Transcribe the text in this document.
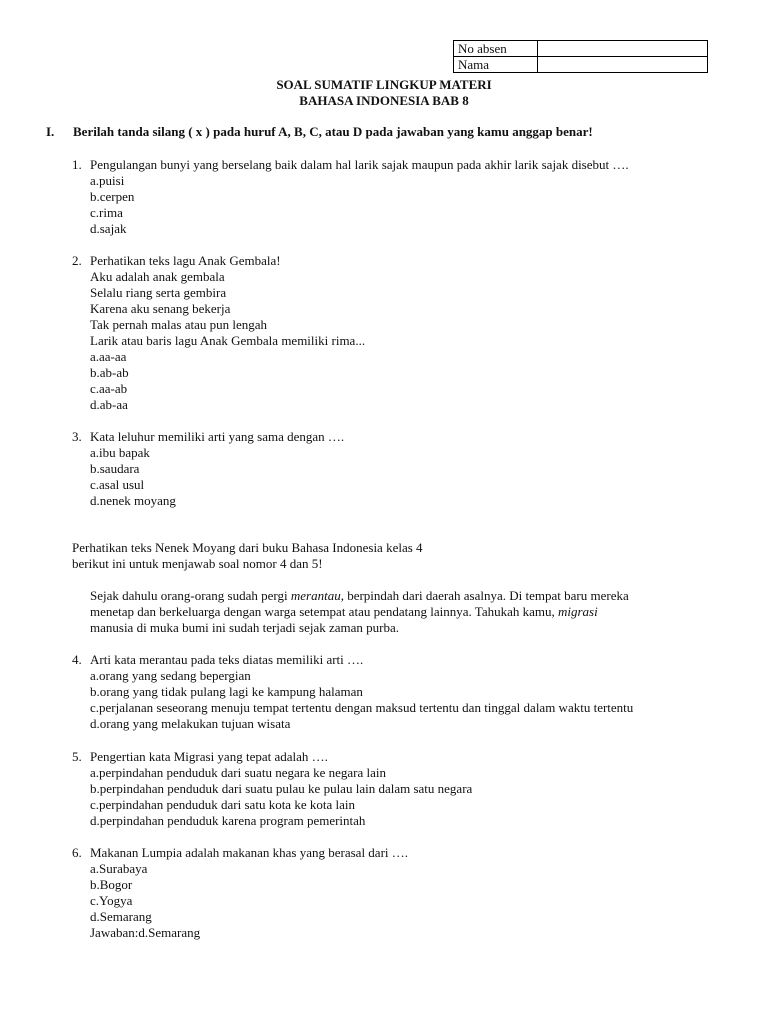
No absen	
Nama	
SOAL SUMATIF LINGKUP MATERI
BAHASA INDONESIA BAB 8
I.	Berilah tanda silang ( x ) pada huruf A, B, C, atau D pada jawaban yang kamu anggap benar!
1. Pengulangan bunyi yang berselang baik dalam hal larik sajak maupun pada akhir larik sajak disebut ….
a.puisi
b.cerpen
c.rima
d.sajak
2. Perhatikan teks lagu Anak Gembala!
Aku adalah anak gembala
Selalu riang serta gembira
Karena aku senang bekerja
Tak pernah malas atau pun lengah
Larik atau baris lagu Anak Gembala memiliki rima...
a.aa-aa
b.ab-ab
c.aa-ab
d.ab-aa
3. Kata leluhur memiliki arti yang sama dengan ….
a.ibu bapak
b.saudara
c.asal usul
d.nenek moyang
Perhatikan teks Nenek Moyang dari buku Bahasa Indonesia kelas 4
berikut ini untuk menjawab soal nomor 4 dan 5!
Sejak dahulu orang-orang sudah pergi merantau, berpindah dari daerah asalnya. Di tempat baru mereka
menetap dan berkeluarga dengan warga setempat atau pendatang lainnya. Tahukah kamu, migrasi
manusia di muka bumi ini sudah terjadi sejak zaman purba.
4. Arti kata merantau pada teks diatas memiliki arti ….
a.orang yang sedang bepergian
b.orang yang tidak pulang lagi ke kampung halaman
c.perjalanan seseorang menuju tempat tertentu dengan maksud tertentu dan tinggal dalam waktu tertentu
d.orang yang melakukan tujuan wisata
5. Pengertian kata Migrasi yang tepat adalah ….
a.perpindahan penduduk dari suatu negara ke negara lain
b.perpindahan penduduk dari suatu pulau ke pulau lain dalam satu negara
c.perpindahan penduduk dari satu kota ke kota lain
d.perpindahan penduduk karena program pemerintah
6. Makanan Lumpia adalah makanan khas yang berasal dari ….
a.Surabaya
b.Bogor
c.Yogya
d.Semarang
Jawaban:d.Semarang
